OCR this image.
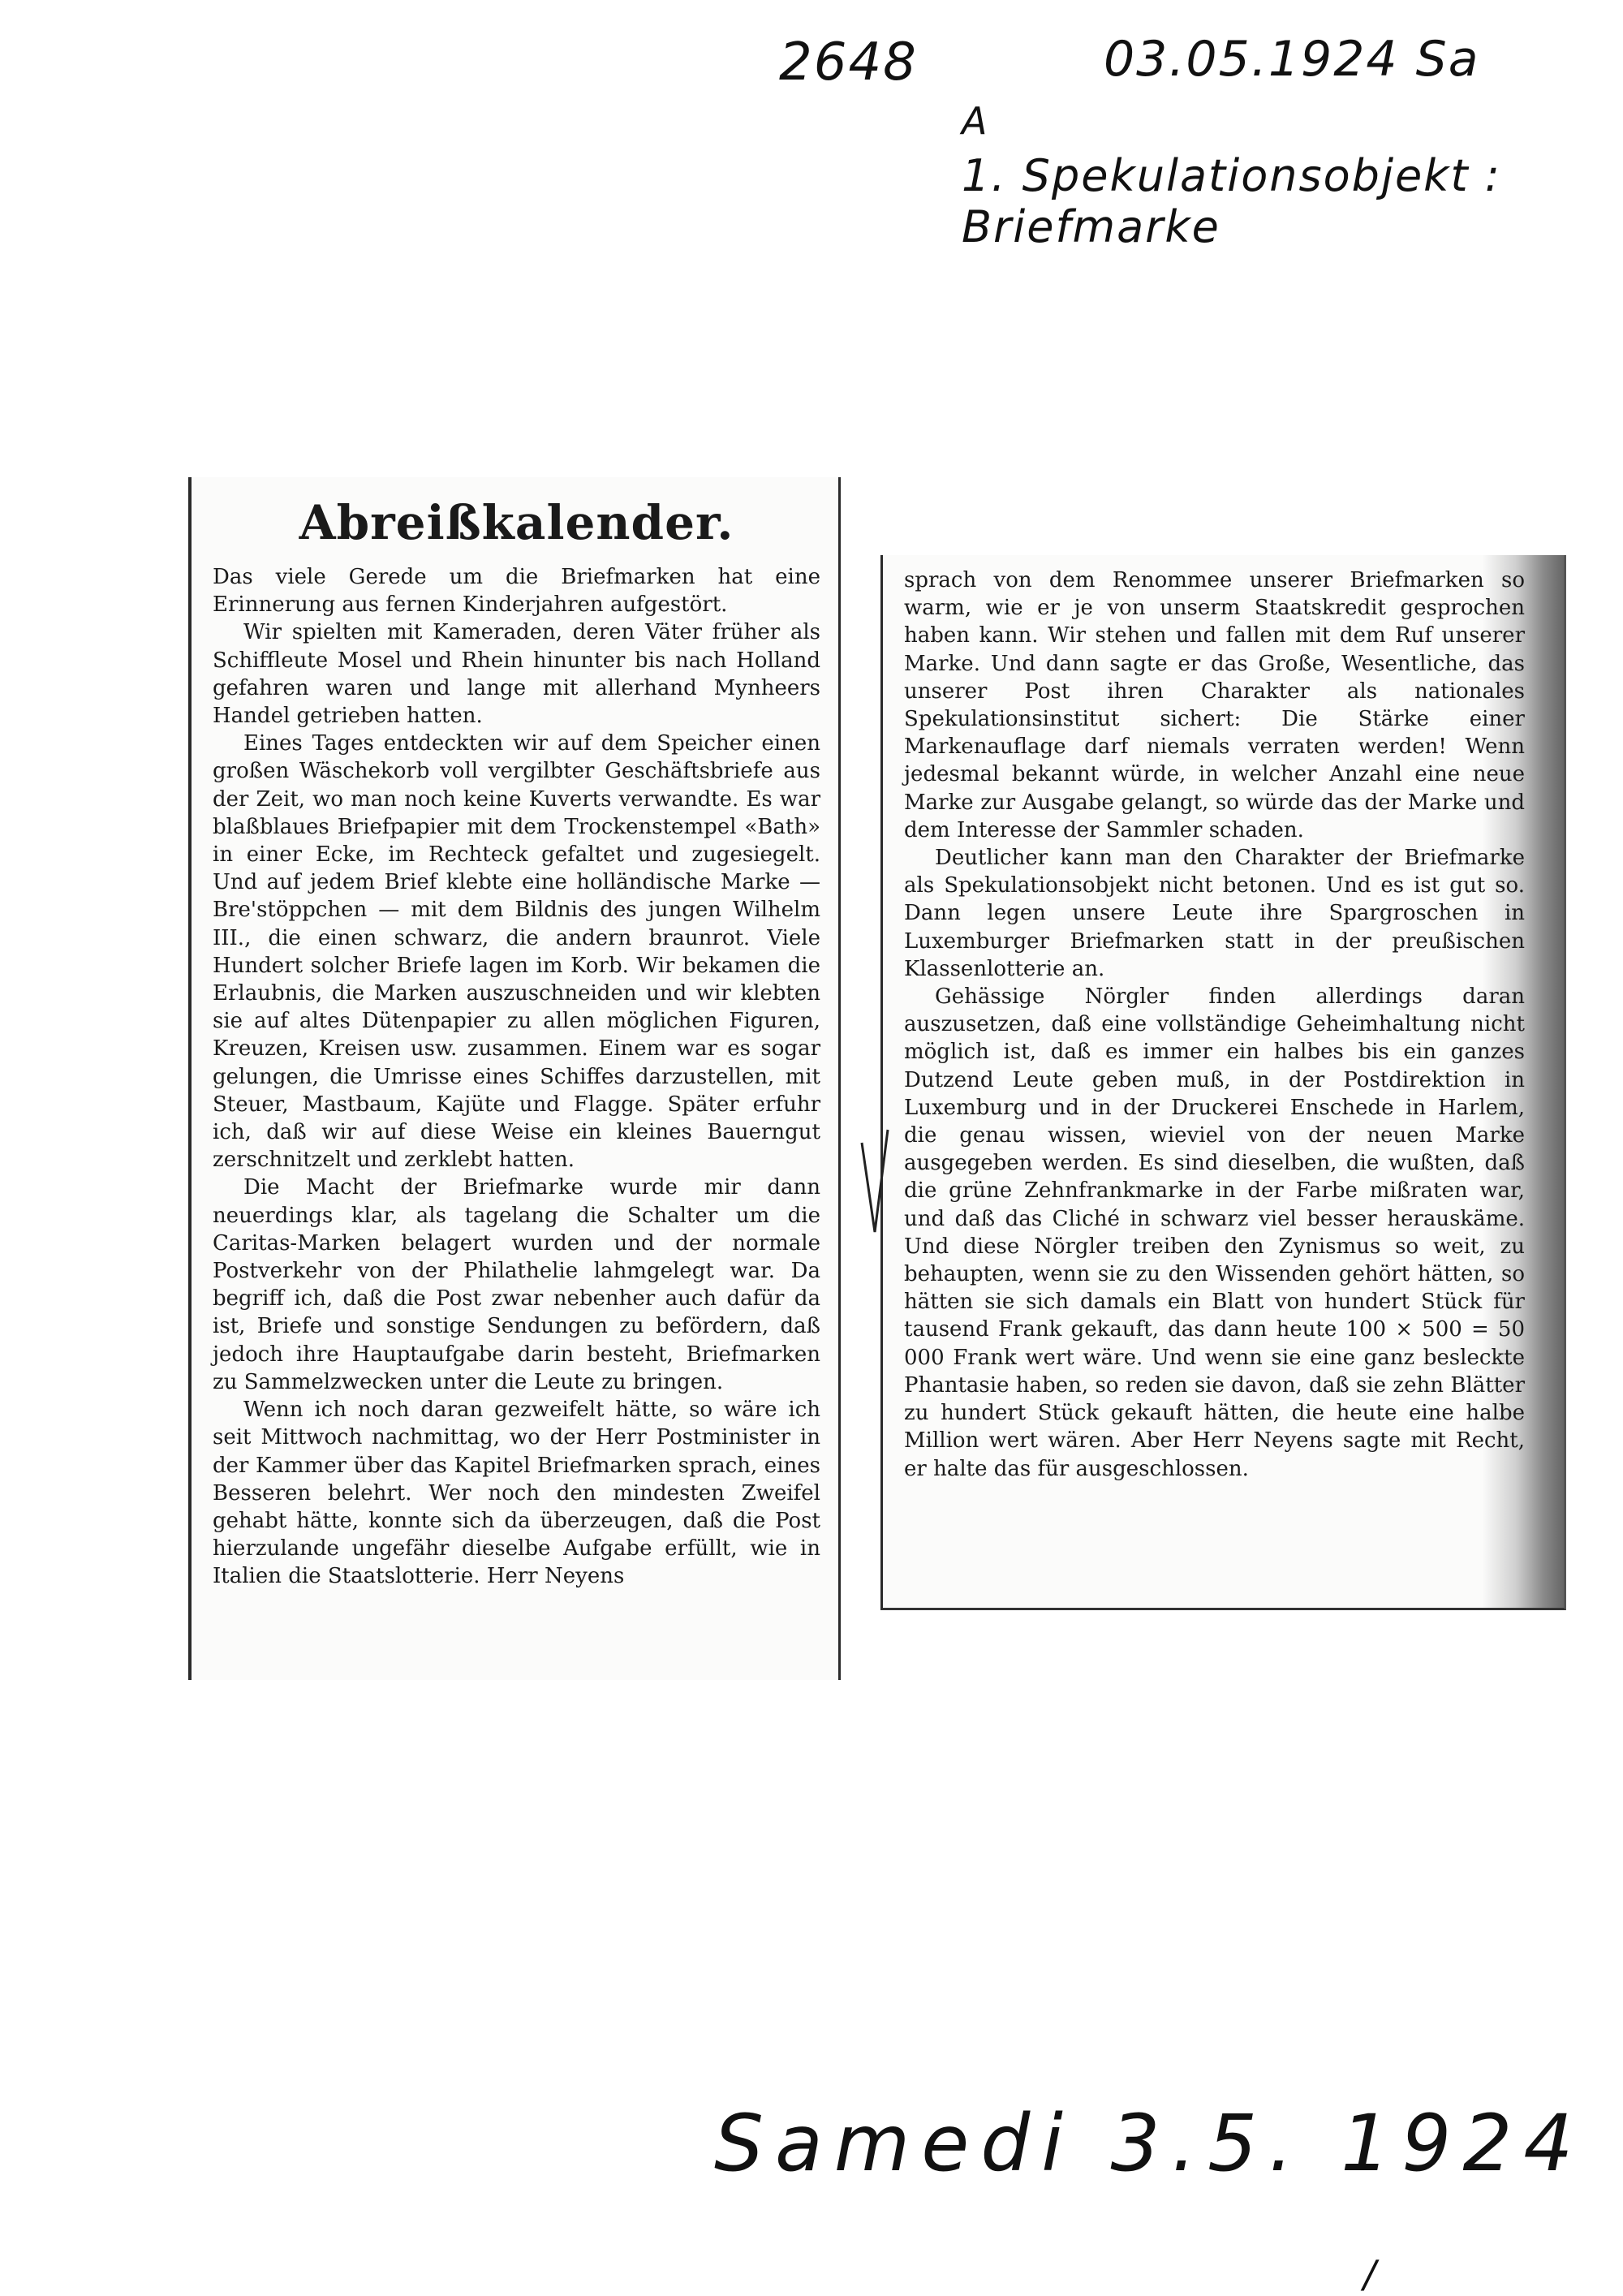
2648	03.05.1924 Sa
A
1. Spekulationsobjekt : Briefmarke
Abreißkalender.

Das viele Gerede um die Briefmarken hat eine Erinnerung aus fernen Kinderjahren aufgestört.

Wir spielten mit Kameraden, deren Väter früher als Schiffleute Mosel und Rhein hinunter bis nach Holland gefahren waren und lange mit allerhand Mynheers Handel getrieben hatten.

Eines Tages entdeckten wir auf dem Speicher einen großen Wäschekorb voll vergilbter Geschäftsbriefe aus der Zeit, wo man noch keine Kuverts verwandte. Es war blaßblaues Briefpapier mit dem Trockenstempel «Bath» in einer Ecke, im Rechteck gefaltet und zugesiegelt. Und auf jedem Brief klebte eine holländische Marke — Bre'stöppchen — mit dem Bildnis des jungen Wilhelm III., die einen schwarz, die andern braunrot. Viele Hundert solcher Briefe lagen im Korb. Wir bekamen die Erlaubnis, die Marken auszuschneiden und wir klebten sie auf altes Dütenpapier zu allen möglichen Figuren, Kreuzen, Kreisen usw. zusammen. Einem war es sogar gelungen, die Umrisse eines Schiffes darzustellen, mit Steuer, Mastbaum, Kajüte und Flagge. Später erfuhr ich, daß wir auf diese Weise ein kleines Bauerngut zerschnitzelt und zerklebt hatten.

Die Macht der Briefmarke wurde mir dann neuerdings klar, als tagelang die Schalter um die Caritas-Marken belagert wurden und der normale Postverkehr von der Philathelie lahmgelegt war. Da begriff ich, daß die Post zwar nebenher auch dafür da ist, Briefe und sonstige Sendungen zu befördern, daß jedoch ihre Hauptaufgabe darin besteht, Briefmarken zu Sammelzwecken unter die Leute zu bringen.

Wenn ich noch daran gezweifelt hätte, so wäre ich seit Mittwoch nachmittag, wo der Herr Postminister in der Kammer über das Kapitel Briefmarken sprach, eines Besseren belehrt. Wer noch den mindesten Zweifel gehabt hätte, konnte sich da überzeugen, daß die Post hierzulande ungefähr dieselbe Aufgabe erfüllt, wie in Italien die Staatslotterie. Herr Neyens

sprach von dem Renommee unserer Briefmarken so warm, wie er je von unserm Staatskredit gesprochen haben kann. Wir stehen und fallen mit dem Ruf unserer Marke. Und dann sagte er das Große, Wesentliche, das unserer Post ihren Charakter als nationales Spekulationsinstitut sichert: Die Stärke einer Markenauflage darf niemals verraten werden! Wenn jedesmal bekannt würde, in welcher Anzahl eine neue Marke zur Ausgabe gelangt, so würde das der Marke und dem Interesse der Sammler schaden.

Deutlicher kann man den Charakter der Briefmarke als Spekulationsobjekt nicht betonen. Und es ist gut so. Dann legen unsere Leute ihre Spargroschen in Luxemburger Briefmarken statt in der preußischen Klassenlotterie an.

Gehässige Nörgler finden allerdings daran auszusetzen, daß eine vollständige Geheimhaltung nicht möglich ist, daß es immer ein halbes bis ein ganzes Dutzend Leute geben muß, in der Postdirektion in Luxemburg und in der Druckerei Enschede in Harlem, die genau wissen, wieviel von der neuen Marke ausgegeben werden. Es sind dieselben, die wußten, daß die grüne Zehnfrankmarke in der Farbe mißraten war, und daß das Cliché in schwarz viel besser herauskäme. Und diese Nörgler treiben den Zynismus so weit, zu behaupten, wenn sie zu den Wissenden gehört hätten, so hätten sie sich damals ein Blatt von hundert Stück für tausend Frank gekauft, das dann heute 100 × 500 = 50 000 Frank wert wäre. Und wenn sie eine ganz besleckte Phantasie haben, so reden sie davon, daß sie zehn Blätter zu hundert Stück gekauft hätten, die heute eine halbe Million wert wären. Aber Herr Neyens sagte mit Recht, er halte das für ausgeschlossen.

Samedi 3.5. 1924
/
